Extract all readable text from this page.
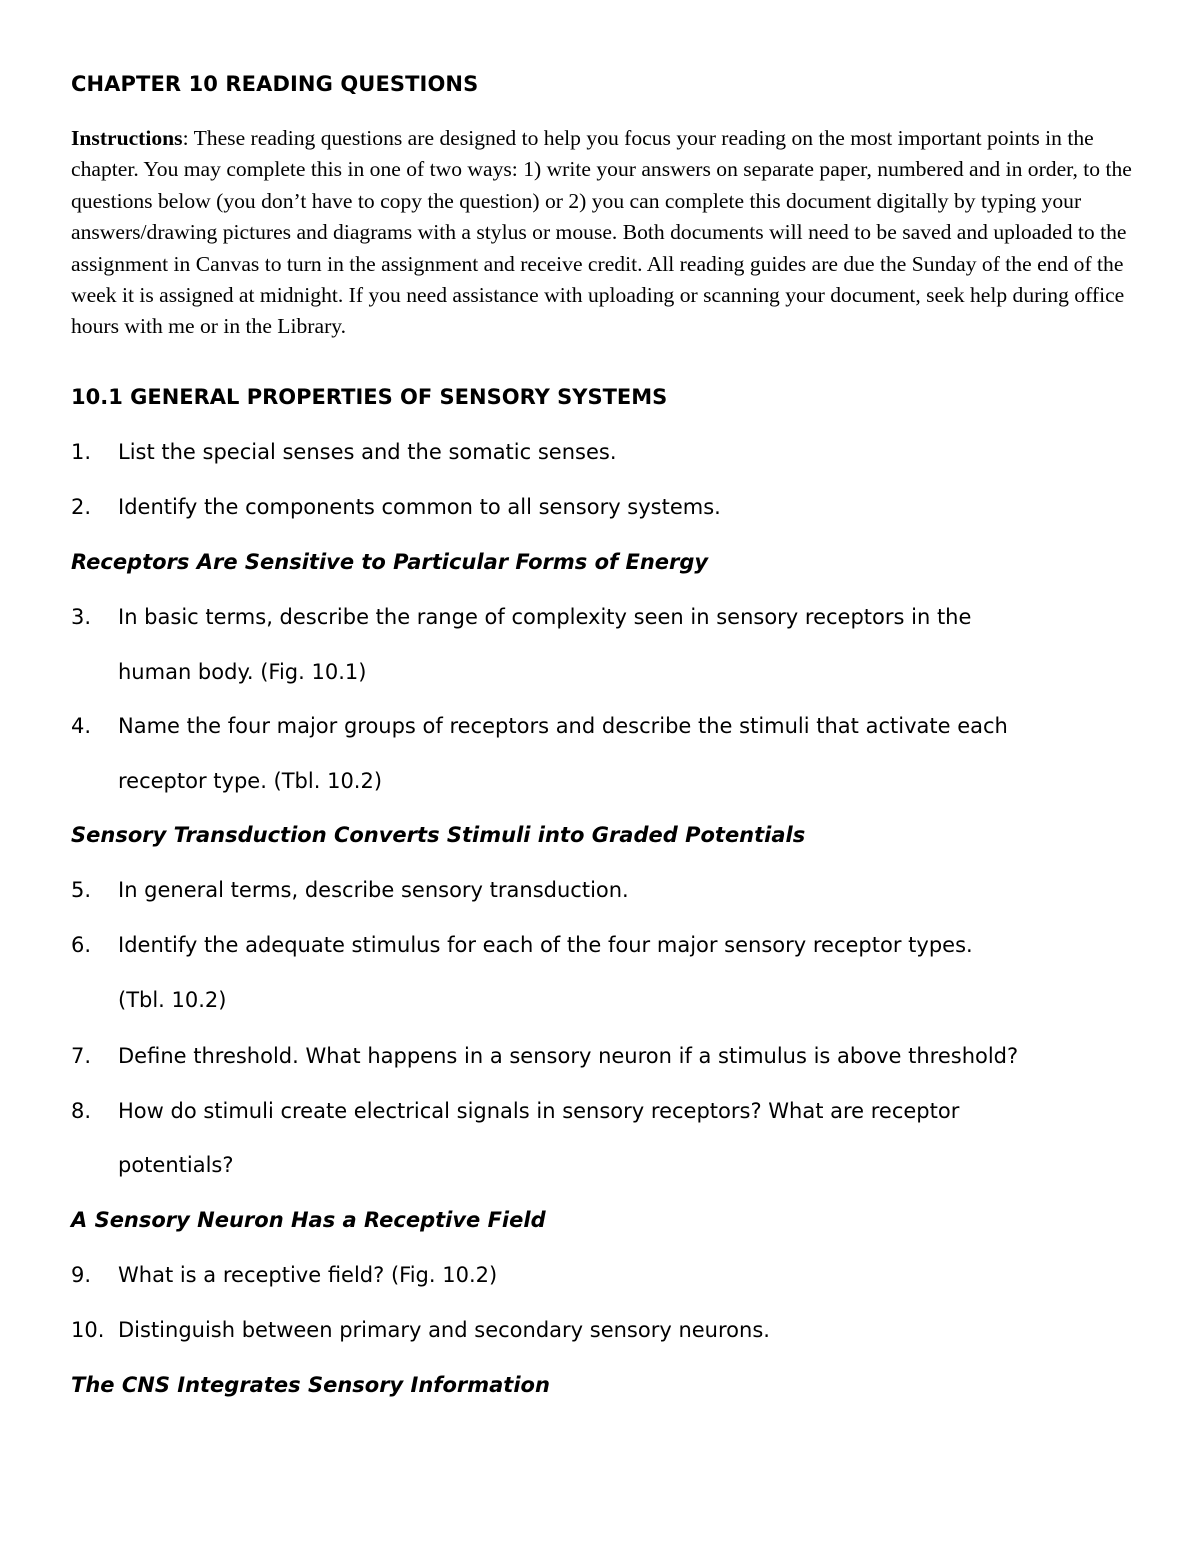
CHAPTER 10 READING QUESTIONS
Instructions: These reading questions are designed to help you focus your reading on the most important points in the chapter. You may complete this in one of two ways: 1) write your answers on separate paper, numbered and in order, to the questions below (you don’t have to copy the question) or 2) you can complete this document digitally by typing your answers/drawing pictures and diagrams with a stylus or mouse. Both documents will need to be saved and uploaded to the assignment in Canvas to turn in the assignment and receive credit. All reading guides are due the Sunday of the end of the week it is assigned at midnight. If you need assistance with uploading or scanning your document, seek help during office hours with me or in the Library.
10.1 GENERAL PROPERTIES OF SENSORY SYSTEMS
1. List the special senses and the somatic senses.
2. Identify the components common to all sensory systems.
Receptors Are Sensitive to Particular Forms of Energy
3. In basic terms, describe the range of complexity seen in sensory receptors in the
human body. (Fig. 10.1)
4. Name the four major groups of receptors and describe the stimuli that activate each
receptor type. (Tbl. 10.2)
Sensory Transduction Converts Stimuli into Graded Potentials
5. In general terms, describe sensory transduction.
6. Identify the adequate stimulus for each of the four major sensory receptor types.
(Tbl. 10.2)
7. Define threshold. What happens in a sensory neuron if a stimulus is above threshold?
8. How do stimuli create electrical signals in sensory receptors? What are receptor
potentials?
A Sensory Neuron Has a Receptive Field
9. What is a receptive field? (Fig. 10.2)
10. Distinguish between primary and secondary sensory neurons.
The CNS Integrates Sensory Information
